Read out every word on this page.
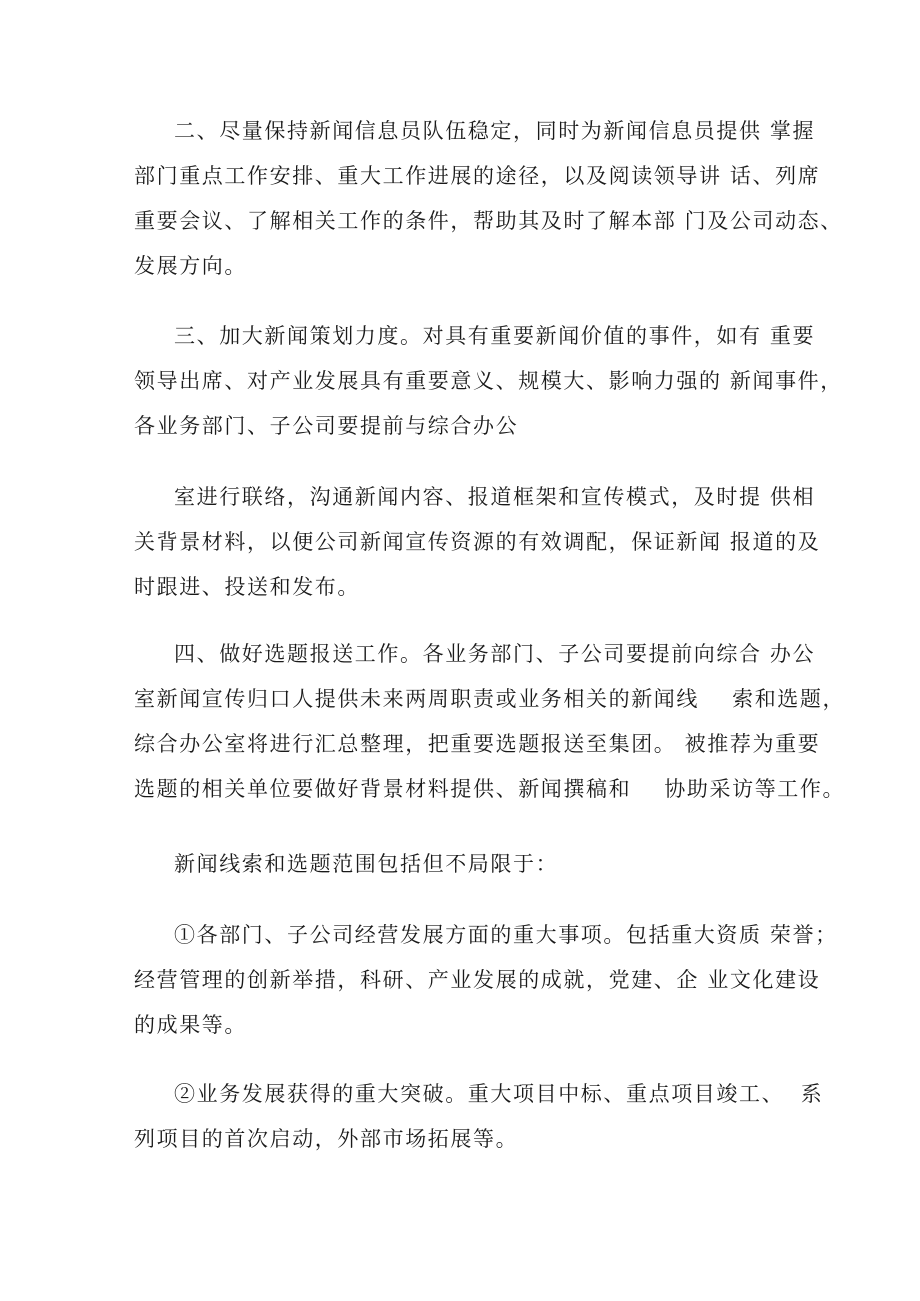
二、尽量保持新闻信息员队伍稳定，同时为新闻信息员提供 掌握
部门重点工作安排、重大工作进展的途径，以及阅读领导讲 话、列席
重要会议、了解相关工作的条件，帮助其及时了解本部 门及公司动态、
发展方向。
三、加大新闻策划力度。对具有重要新闻价值的事件，如有 重要
领导出席、对产业发展具有重要意义、规模大、影响力强的 新闻事件，
各业务部门、子公司要提前与综合办公
室进行联络，沟通新闻内容、报道框架和宣传模式，及时提 供相
关背景材料，以便公司新闻宣传资源的有效调配，保证新闻 报道的及
时跟进、投送和发布。
四、做好选题报送工作。各业务部门、子公司要提前向综合 办公
室新闻宣传归口人提供未来两周职责或业务相关的新闻线    索和选题，
综合办公室将进行汇总整理，把重要选题报送至集团。 被推荐为重要
选题的相关单位要做好背景材料提供、新闻撰稿和    协助采访等工作。
新闻线索和选题范围包括但不局限于：
①各部门、子公司经营发展方面的重大事项。包括重大资质 荣誉；
经营管理的创新举措，科研、产业发展的成就，党建、企 业文化建设
的成果等。
②业务发展获得的重大突破。重大项目中标、重点项目竣工、  系
列项目的首次启动，外部市场拓展等。
